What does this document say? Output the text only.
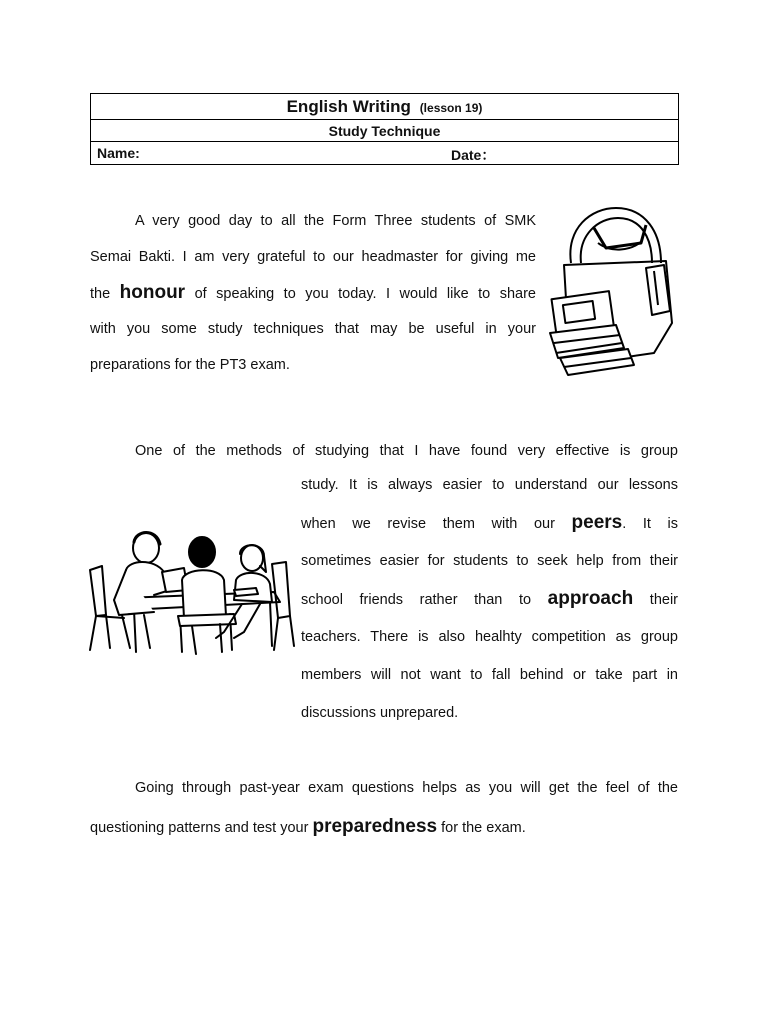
English Writing (lesson 19)
Study Technique

Name:	Date：
A very good day to all the Form Three students of SMK
Semai Bakti. I am very grateful to our headmaster for giving me
the honour of speaking to you today. I would like to share
with you some study techniques that may be useful in your
preparations for the PT3 exam.
One of the methods of studying that I have found very effective is group
study. It is always easier to understand our lessons
when we revise them with our peers. It is
sometimes easier for students to seek help from their
school friends rather than to approach their
teachers. There is also healhty competition as group
members will not want to fall behind or take part in
discussions unprepared.
Going through past-year exam questions helps as you will get the feel of the
questioning patterns and test your preparedness for the exam.
